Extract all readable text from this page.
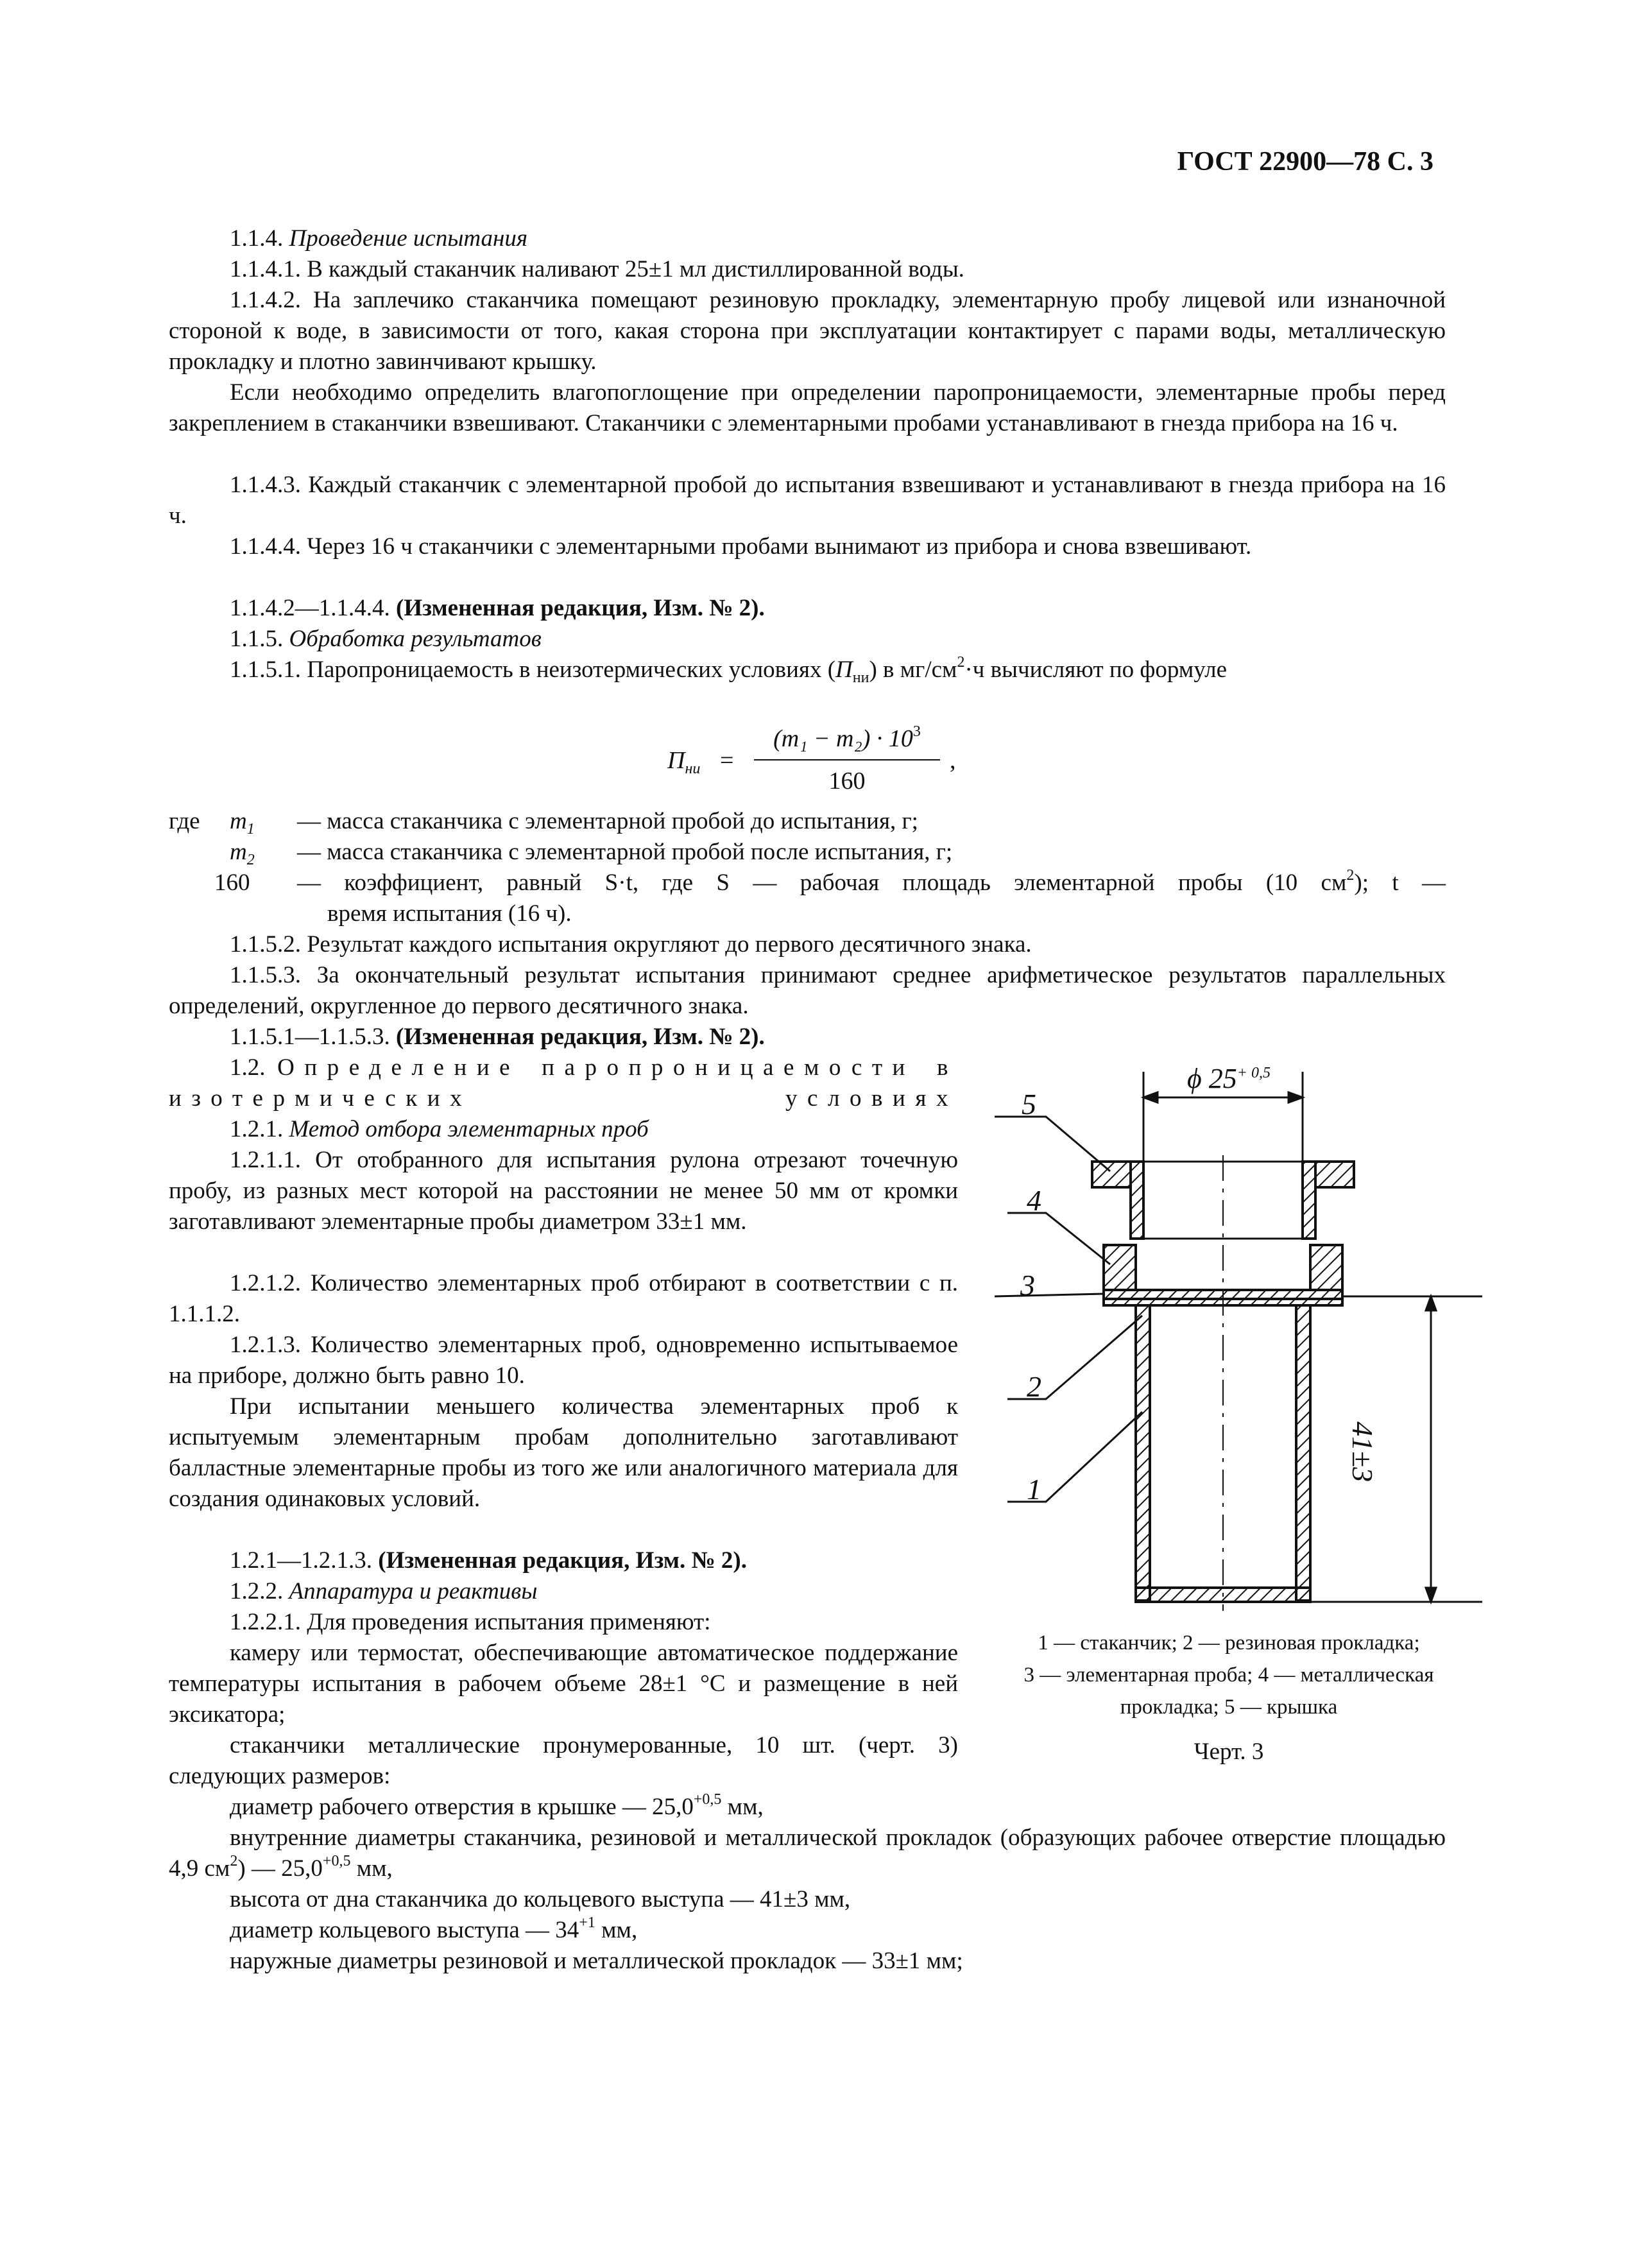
ГОСТ 22900—78 С. 3
1.1.4. Проведение испытания
1.1.4.1. В каждый стаканчик наливают 25±1 мл дистиллированной воды.
1.1.4.2. На заплечико стаканчика помещают резиновую прокладку, элементарную пробу лицевой или изнаночной стороной к воде, в зависимости от того, какая сторона при эксплуатации контактирует с парами воды, металлическую прокладку и плотно завинчивают крышку.
Если необходимо определить влагопоглощение при определении паропроницаемости, элементарные пробы перед закреплением в стаканчики взвешивают. Стаканчики с элементарными пробами устанавливают в гнезда прибора на 16 ч.
1.1.4.3. Каждый стаканчик с элементарной пробой до испытания взвешивают и устанавливают в гнезда прибора на 16 ч.
1.1.4.4. Через 16 ч стаканчики с элементарными пробами вынимают из прибора и снова взвешивают.
1.1.4.2—1.1.4.4. (Измененная редакция, Изм. № 2).
1.1.5. Обработка результатов
1.1.5.1. Паропроницаемость в неизотермических условиях $(П_{ни})$ в $мг/см^2\cdot ч$ вычисляют по формуле
$П_{ни}$ =
$(m_1 - m_2) \cdot 10^3$
160
,
где $m_1$ — масса стаканчика с элементарной пробой до испытания, г;
$m_2$ — масса стаканчика с элементарной пробой после испытания, г;
160 — коэффициент, равный S·t, где S — рабочая площадь элементарной пробы (10 $см^2$); t —
время испытания (16 ч).
1.1.5.2. Результат каждого испытания округляют до первого десятичного знака.
1.1.5.3. За окончательный результат испытания принимают среднее арифметическое результатов параллельных определений, округленное до первого десятичного знака.
1.1.5.1—1.1.5.3. (Измененная редакция, Изм. № 2).
1.2. Определение паропроницаемости в изотермических условиях
1.2.1. Метод отбора элементарных проб
1.2.1.1. От отобранного для испытания рулона отрезают точечную пробу, из разных мест которой на расстоянии не менее 50 мм от кромки заготавливают элементарные пробы диаметром 33±1 мм.
1.2.1.2. Количество элементарных проб отбирают в соответствии с п. 1.1.1.2.
1.2.1.3. Количество элементарных проб, одновременно испытываемое на приборе, должно быть равно 10.
При испытании меньшего количества элементарных проб к испытуемым элементарным пробам дополнительно заготавливают балластные элементарные пробы из того же или аналогичного материала для создания одинаковых условий.
1.2.1—1.2.1.3. (Измененная редакция, Изм. № 2).
1.2.2. Аппаратура и реактивы
1.2.2.1. Для проведения испытания применяют:
камеру или термостат, обеспечивающие автоматическое поддержание температуры испытания в рабочем объеме 28±1 °С и размещение в ней эксикатора;
стаканчики металлические пронумерованные, 10 шт. (черт. 3) следующих размеров:
диаметр рабочего отверстия в крышке — $25,0^{+0,5}$ мм,
внутренние диаметры стаканчика, резиновой и металлической прокладок (образующих рабочее отверстие площадью 4,9 $см^2$) — $25,0^{+0,5}$ мм,
высота от дна стаканчика до кольцевого выступа — 41±3 мм,
диаметр кольцевого выступа — $34^{+1}$ мм,
наружные диаметры резиновой и металлической прокладок — 33±1 мм;
ϕ $25^{+ 0,5}$
41±3
5
4
3
2
1
1 — стаканчик; 2 — резиновая прокладка;
3 — элементарная проба; 4 — металлическая
прокладка; 5 — крышка
Черт. 3
